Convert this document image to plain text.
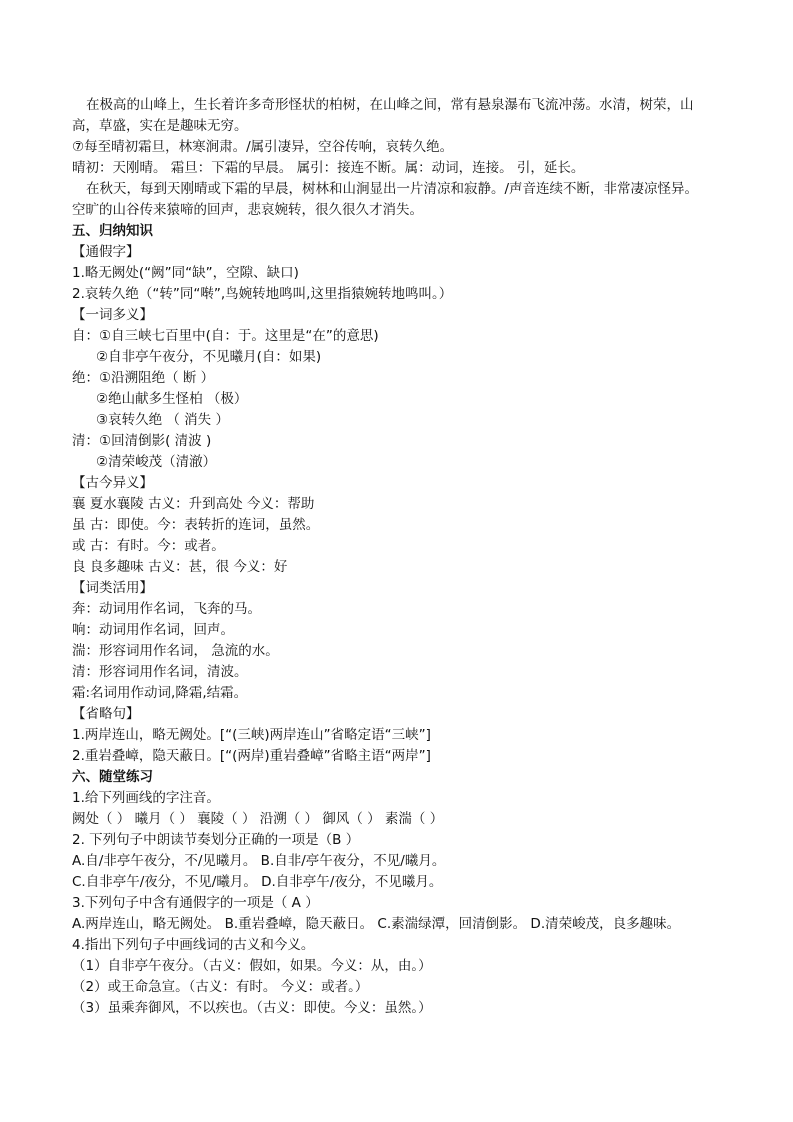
在极高的山峰上，生长着许多奇形怪状的柏树，在山峰之间，常有悬泉瀑布飞流冲荡。水清，树荣，山
高，草盛，实在是趣味无穷。
⑦每至晴初霜旦，林寒涧肃。/属引凄异，空谷传响，哀转久绝。
晴初：天刚晴。 霜旦：下霜的早晨。 属引：接连不断。属：动词，连接。 引，延长。
在秋天，每到天刚晴或下霜的早晨，树林和山涧显出一片清凉和寂静。/声音连续不断，非常凄凉怪异。
空旷的山谷传来猿啼的回声，悲哀婉转，很久很久才消失。
五、归纳知识
【通假字】
1.略无阙处(“阙”同“缺”，空隙、缺口)
2.哀转久绝（“转”同“啭”,鸟婉转地鸣叫,这里指猿婉转地鸣叫。）
【一词多义】
自：①自三峡七百里中(自：于。这里是“在”的意思)
②自非亭午夜分，不见曦月(自：如果)
绝：①沿溯阻绝（ 断 ）
②绝山献多生怪柏 （极）
③哀转久绝 （ 消失 ）
清：①回清倒影( 清波 )
②清荣峻茂（清澈）
【古今异义】
襄 夏水襄陵 古义：升到高处 今义：帮助
虽 古：即使。今：表转折的连词，虽然。
或 古：有时。今：或者。
良 良多趣味 古义：甚，很 今义：好
【词类活用】
奔：动词用作名词，飞奔的马。
响：动词用作名词，回声。
湍：形容词用作名词， 急流的水。
清：形容词用作名词，清波。
霜:名词用作动词,降霜,结霜。
【省略句】
1.两岸连山，略无阙处。[“(三峡)两岸连山”省略定语“三峡”]
2.重岩叠嶂，隐天蔽日。[“(两岸)重岩叠嶂”省略主语“两岸”]
六、随堂练习
1.给下列画线的字注音。
阙处（ ） 曦月（ ） 襄陵（ ） 沿溯（ ） 御风（ ） 素湍（ ）
2. 下列句子中朗读节奏划分正确的一项是（B ）
A.自/非亭午夜分，不/见曦月。 B.自非/亭午夜分，不见/曦月。
C.自非亭午/夜分，不见/曦月。 D.自非亭午/夜分，不见曦月。
3.下列句子中含有通假字的一项是（ A ）
A.两岸连山，略无阙处。 B.重岩叠嶂，隐天蔽日。 C.素湍绿潭，回清倒影。 D.清荣峻茂，良多趣味。
4.指出下列句子中画线词的古义和今义。
（1）自非亭午夜分。（古义：假如，如果。今义：从，由。）
（2）或王命急宣。（古义：有时。 今义：或者。）
（3）虽乘奔御风，不以疾也。（古义：即使。今义：虽然。）
